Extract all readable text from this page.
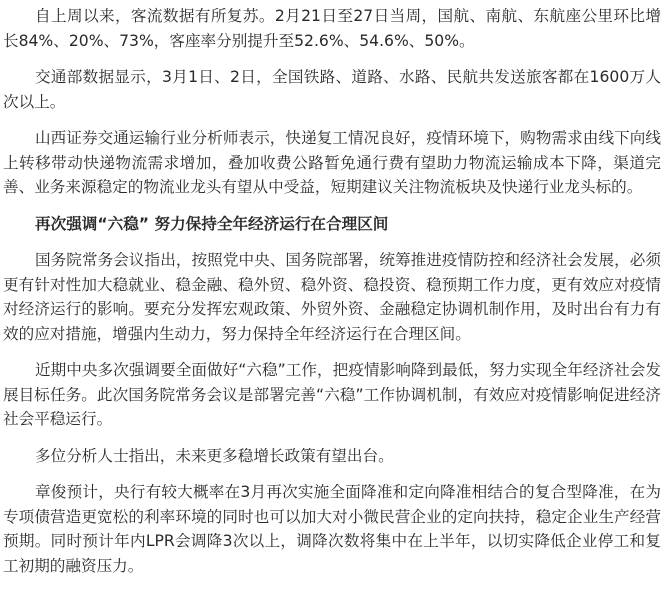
自上周以来，客流数据有所复苏。2月21日至27日当周，国航、南航、东航座公里环比增长84%、20%、73%，客座率分别提升至52.6%、54.6%、50%。

交通部数据显示，3月1日、2日，全国铁路、道路、水路、民航共发送旅客都在1600万人次以上。

山西证券交通运输行业分析师表示，快递复工情况良好，疫情环境下，购物需求由线下向线上转移带动快递物流需求增加，叠加收费公路暂免通行费有望助力物流运输成本下降，渠道完善、业务来源稳定的物流业龙头有望从中受益，短期建议关注物流板块及快递行业龙头标的。

再次强调“六稳” 努力保持全年经济运行在合理区间

国务院常务会议指出，按照党中央、国务院部署，统筹推进疫情防控和经济社会发展，必须更有针对性加大稳就业、稳金融、稳外贸、稳外资、稳投资、稳预期工作力度，更有效应对疫情对经济运行的影响。要充分发挥宏观政策、外贸外资、金融稳定协调机制作用，及时出台有力有效的应对措施，增强内生动力，努力保持全年经济运行在合理区间。

近期中央多次强调要全面做好“六稳”工作，把疫情影响降到最低，努力实现全年经济社会发展目标任务。此次国务院常务会议是部署完善“六稳”工作协调机制，有效应对疫情影响促进经济社会平稳运行。

多位分析人士指出，未来更多稳增长政策有望出台。

章俊预计，央行有较大概率在3月再次实施全面降准和定向降准相结合的复合型降准，在为专项债营造更宽松的利率环境的同时也可以加大对小微民营企业的定向扶持，稳定企业生产经营预期。同时预计年内LPR会调降3次以上，调降次数将集中在上半年，以切实降低企业停工和复工初期的融资压力。
